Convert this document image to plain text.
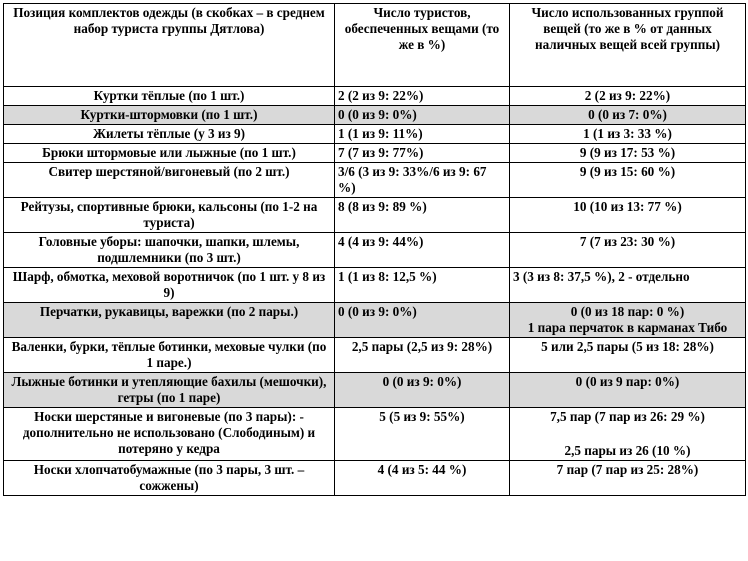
Позиция комплектов одежды (в скобках – в среднем набор туриста группы Дятлова)	Число туристов, обеспеченных вещами (то же в %)	Число использованных группой вещей (то же в % от данных наличных вещей всей группы)
Куртки тёплые (по 1 шт.)	2 (2 из 9: 22%)	2 (2 из 9: 22%)
Куртки-штормовки (по 1 шт.)	0 (0 из 9: 0%)	0 (0 из 7: 0%)
Жилеты тёплые (у 3 из 9)	1 (1 из 9: 11%)	1 (1 из 3: 33 %)
Брюки штормовые или лыжные (по 1 шт.)	7 (7 из 9: 77%)	9 (9 из 17: 53 %)
Свитер шерстяной/вигоневый (по 2 шт.)	3/6 (3 из 9: 33%/6 из 9: 67 %)	9 (9 из 15: 60 %)
Рейтузы, спортивные брюки, кальсоны (по 1-2 на туриста)	8 (8 из 9: 89 %)	10 (10 из 13: 77 %)
Головные уборы: шапочки, шапки, шлемы, подшлемники (по 3 шт.)	4 (4 из 9: 44%)	7 (7 из 23: 30 %)
Шарф, обмотка, меховой воротничок (по 1 шт. у 8 из 9)	1 (1 из 8: 12,5 %)	3 (3 из 8: 37,5 %), 2 - отдельно
Перчатки, рукавицы, варежки (по 2 пары.)	0 (0 из 9: 0%)	0 (0 из 18 пар: 0 %)
1 пара перчаток в карманах Тибо

Валенки, бурки, тёплые ботинки, меховые чулки (по 1 паре.)	2,5 пары (2,5 из 9: 28%)	5 или 2,5 пары (5 из 18: 28%)
Лыжные ботинки и утепляющие бахилы (мешочки), гетры (по 1 паре)	0 (0 из 9: 0%)	0 (0 из 9 пар: 0%)
Носки шерстяные и вигоневые (по 3 пары): - дополнительно не использовано (Слободиным) и потеряно у кедра	5 (5 из 9: 55%)	7,5 пар (7 пар из 26: 29 %)
2,5 пары из 26 (10 %)

Носки хлопчатобумажные (по 3 пары, 3 шт. – сожжены)	4 (4 из 5: 44 %)	7 пар (7 пар из 25: 28%)
